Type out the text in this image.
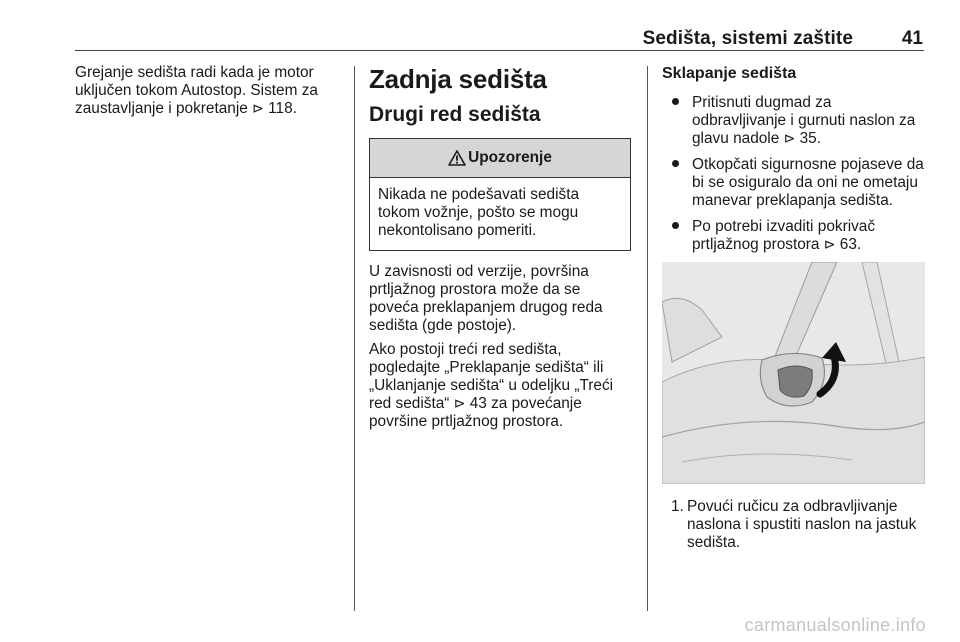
Sedišta, sistemi zaštite	41

Grejanje sedišta radi kada je motor uključen tokom Autostop. Sistem za zaustavljanje i pokretanje ⊳ 118.

Zadnja sedišta
Drugi red sedišta
Upozorenje
Nikada ne podešavati sedišta tokom vožnje, pošto se mogu nekontolisano pomeriti.

U zavisnosti od verzije, površina prtljažnog prostora može da se poveća preklapanjem drugog reda sedišta (gde postoje).

Ako postoji treći red sedišta, pogledajte „Preklapanje sedišta“ ili „Uklanjanje sedišta“ u odeljku „Treći red sedišta“ ⊳ 43 za povećanje površine prtljažnog prostora.

Sklapanje sedišta
Pritisnuti dugmad za odbravljivanje i gurnuti naslon za glavu nadole ⊳ 35.
Otkopčati sigurnosne pojaseve da bi se osiguralo da oni ne ometaju manevar preklapanja sedišta.
Po potrebi izvaditi pokrivač prtljažnog prostora ⊳ 63.
1. Povući ručicu za odbravljivanje naslona i spustiti naslon na jastuk sedišta.
carmanualsonline.info
